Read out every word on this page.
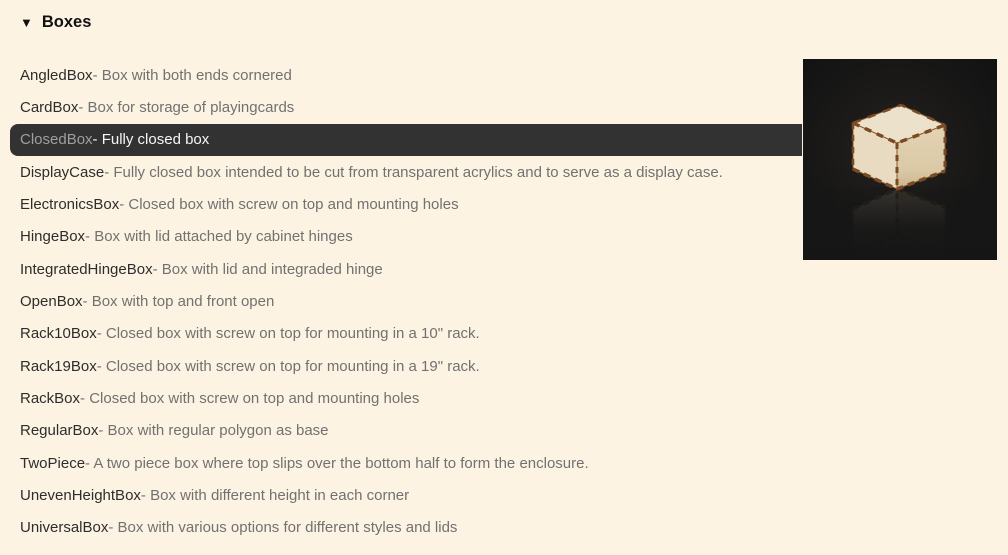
▼ Boxes
AngledBox - Box with both ends cornered
CardBox - Box for storage of playingcards
ClosedBox - Fully closed box
DisplayCase - Fully closed box intended to be cut from transparent acrylics and to serve as a display case.
ElectronicsBox - Closed box with screw on top and mounting holes
HingeBox - Box with lid attached by cabinet hinges
IntegratedHingeBox - Box with lid and integraded hinge
OpenBox - Box with top and front open
Rack10Box - Closed box with screw on top for mounting in a 10" rack.
Rack19Box - Closed box with screw on top for mounting in a 19" rack.
RackBox - Closed box with screw on top and mounting holes
RegularBox - Box with regular polygon as base
TwoPiece - A two piece box where top slips over the bottom half to form the enclosure.
UnevenHeightBox - Box with different height in each corner
UniversalBox - Box with various options for different styles and lids
